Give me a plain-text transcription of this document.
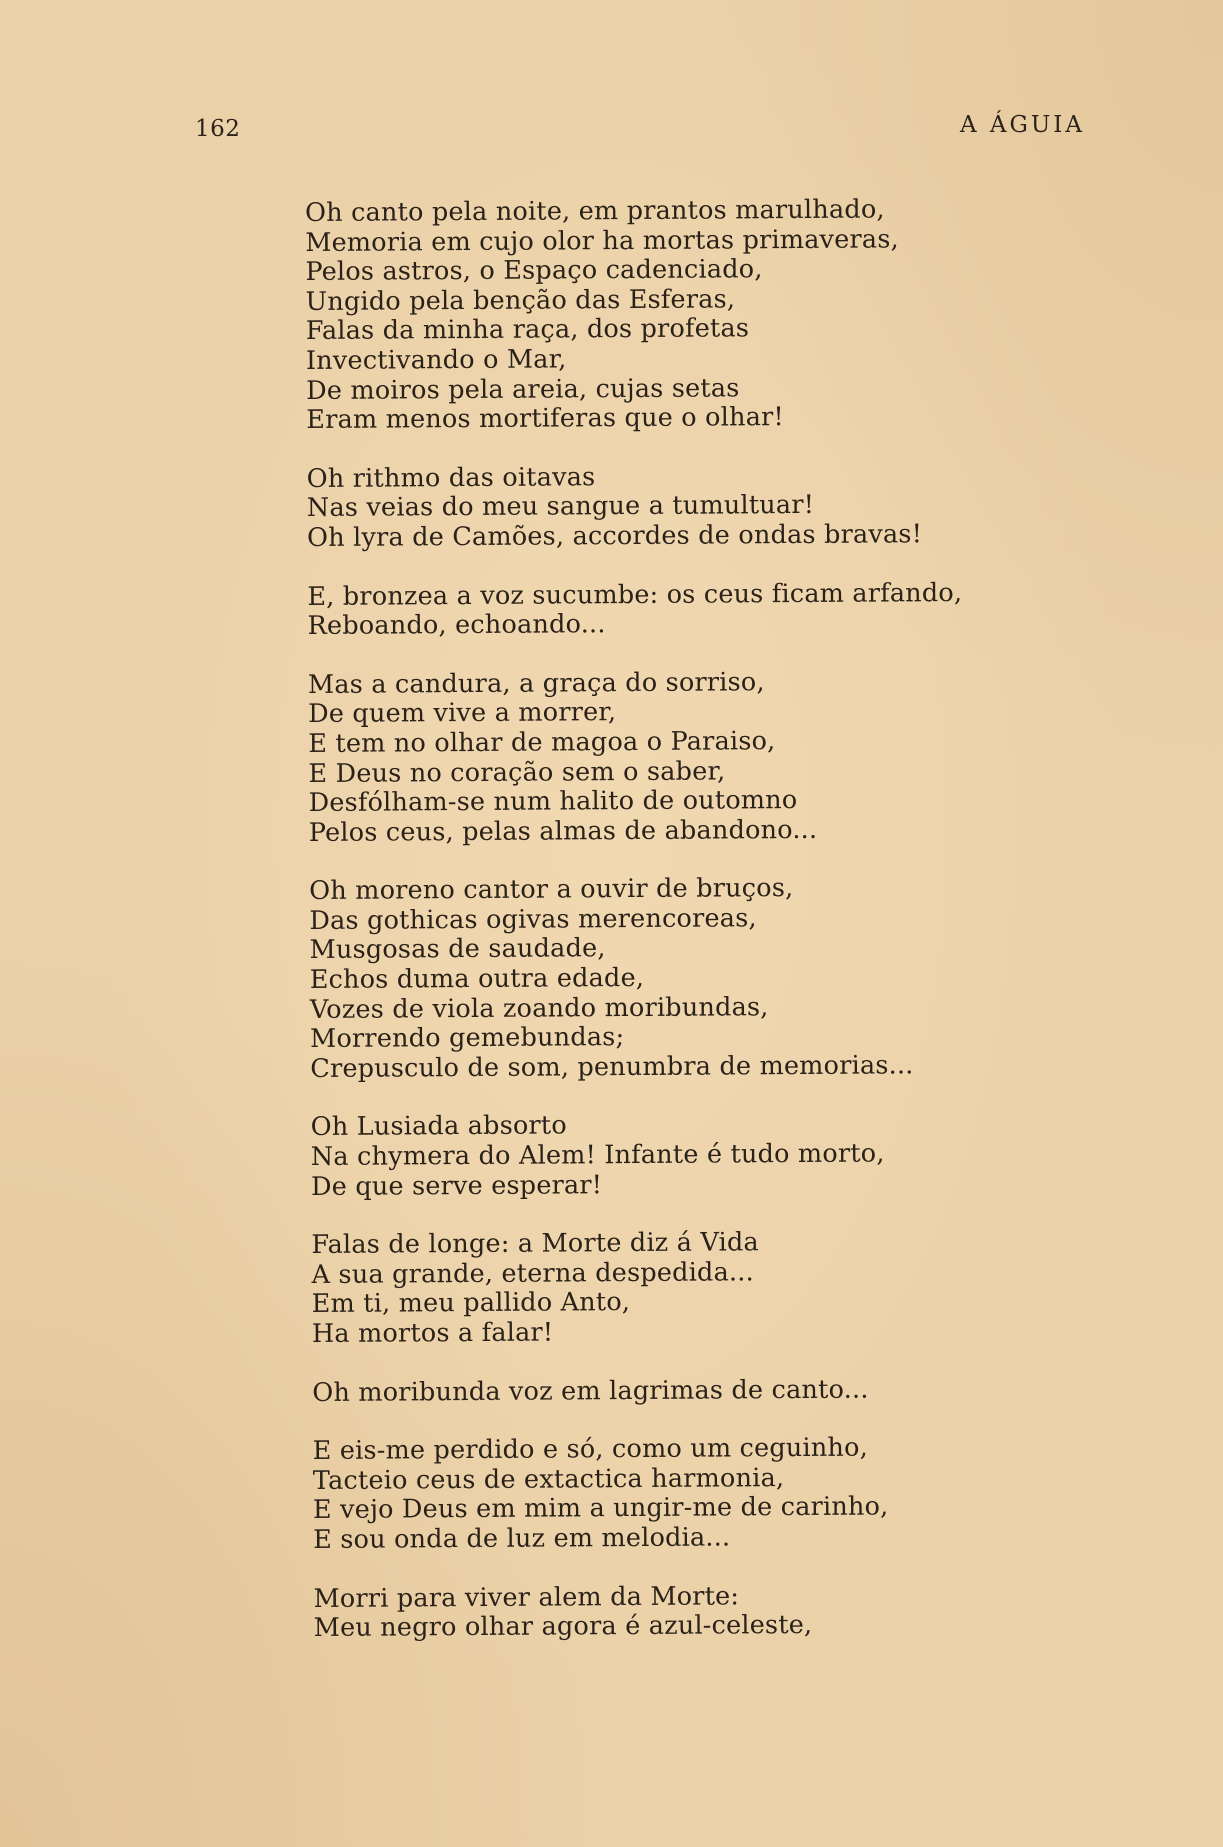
162	A ÁGUIA
Oh canto pela noite, em prantos marulhado,
Memoria em cujo olor ha mortas primaveras,
Pelos astros, o Espaço cadenciado,
Ungido pela benção das Esferas,
Falas da minha raça, dos profetas
Invectivando o Mar,
De moiros pela areia, cujas setas
Eram menos mortiferas que o olhar!
Oh rithmo das oitavas
Nas veias do meu sangue a tumultuar!
Oh lyra de Camões, accordes de ondas bravas!
E, bronzea a voz sucumbe: os ceus ficam arfando,
Reboando, echoando...
Mas a candura, a graça do sorriso,
De quem vive a morrer,
E tem no olhar de magoa o Paraiso,
E Deus no coração sem o saber,
Desfólham-se num halito de outomno
Pelos ceus, pelas almas de abandono...
Oh moreno cantor a ouvir de bruços,
Das gothicas ogivas merencoreas,
Musgosas de saudade,
Echos duma outra edade,
Vozes de viola zoando moribundas,
Morrendo gemebundas;
Crepusculo de som, penumbra de memorias...
Oh Lusiada absorto
Na chymera do Alem! Infante é tudo morto,
De que serve esperar!
Falas de longe: a Morte diz á Vida
A sua grande, eterna despedida...
Em ti, meu pallido Anto,
Ha mortos a falar!
Oh moribunda voz em lagrimas de canto...
E eis-me perdido e só, como um ceguinho,
Tacteio ceus de extactica harmonia,
E vejo Deus em mim a ungir-me de carinho,
E sou onda de luz em melodia...
Morri para viver alem da Morte:
Meu negro olhar agora é azul-celeste,
